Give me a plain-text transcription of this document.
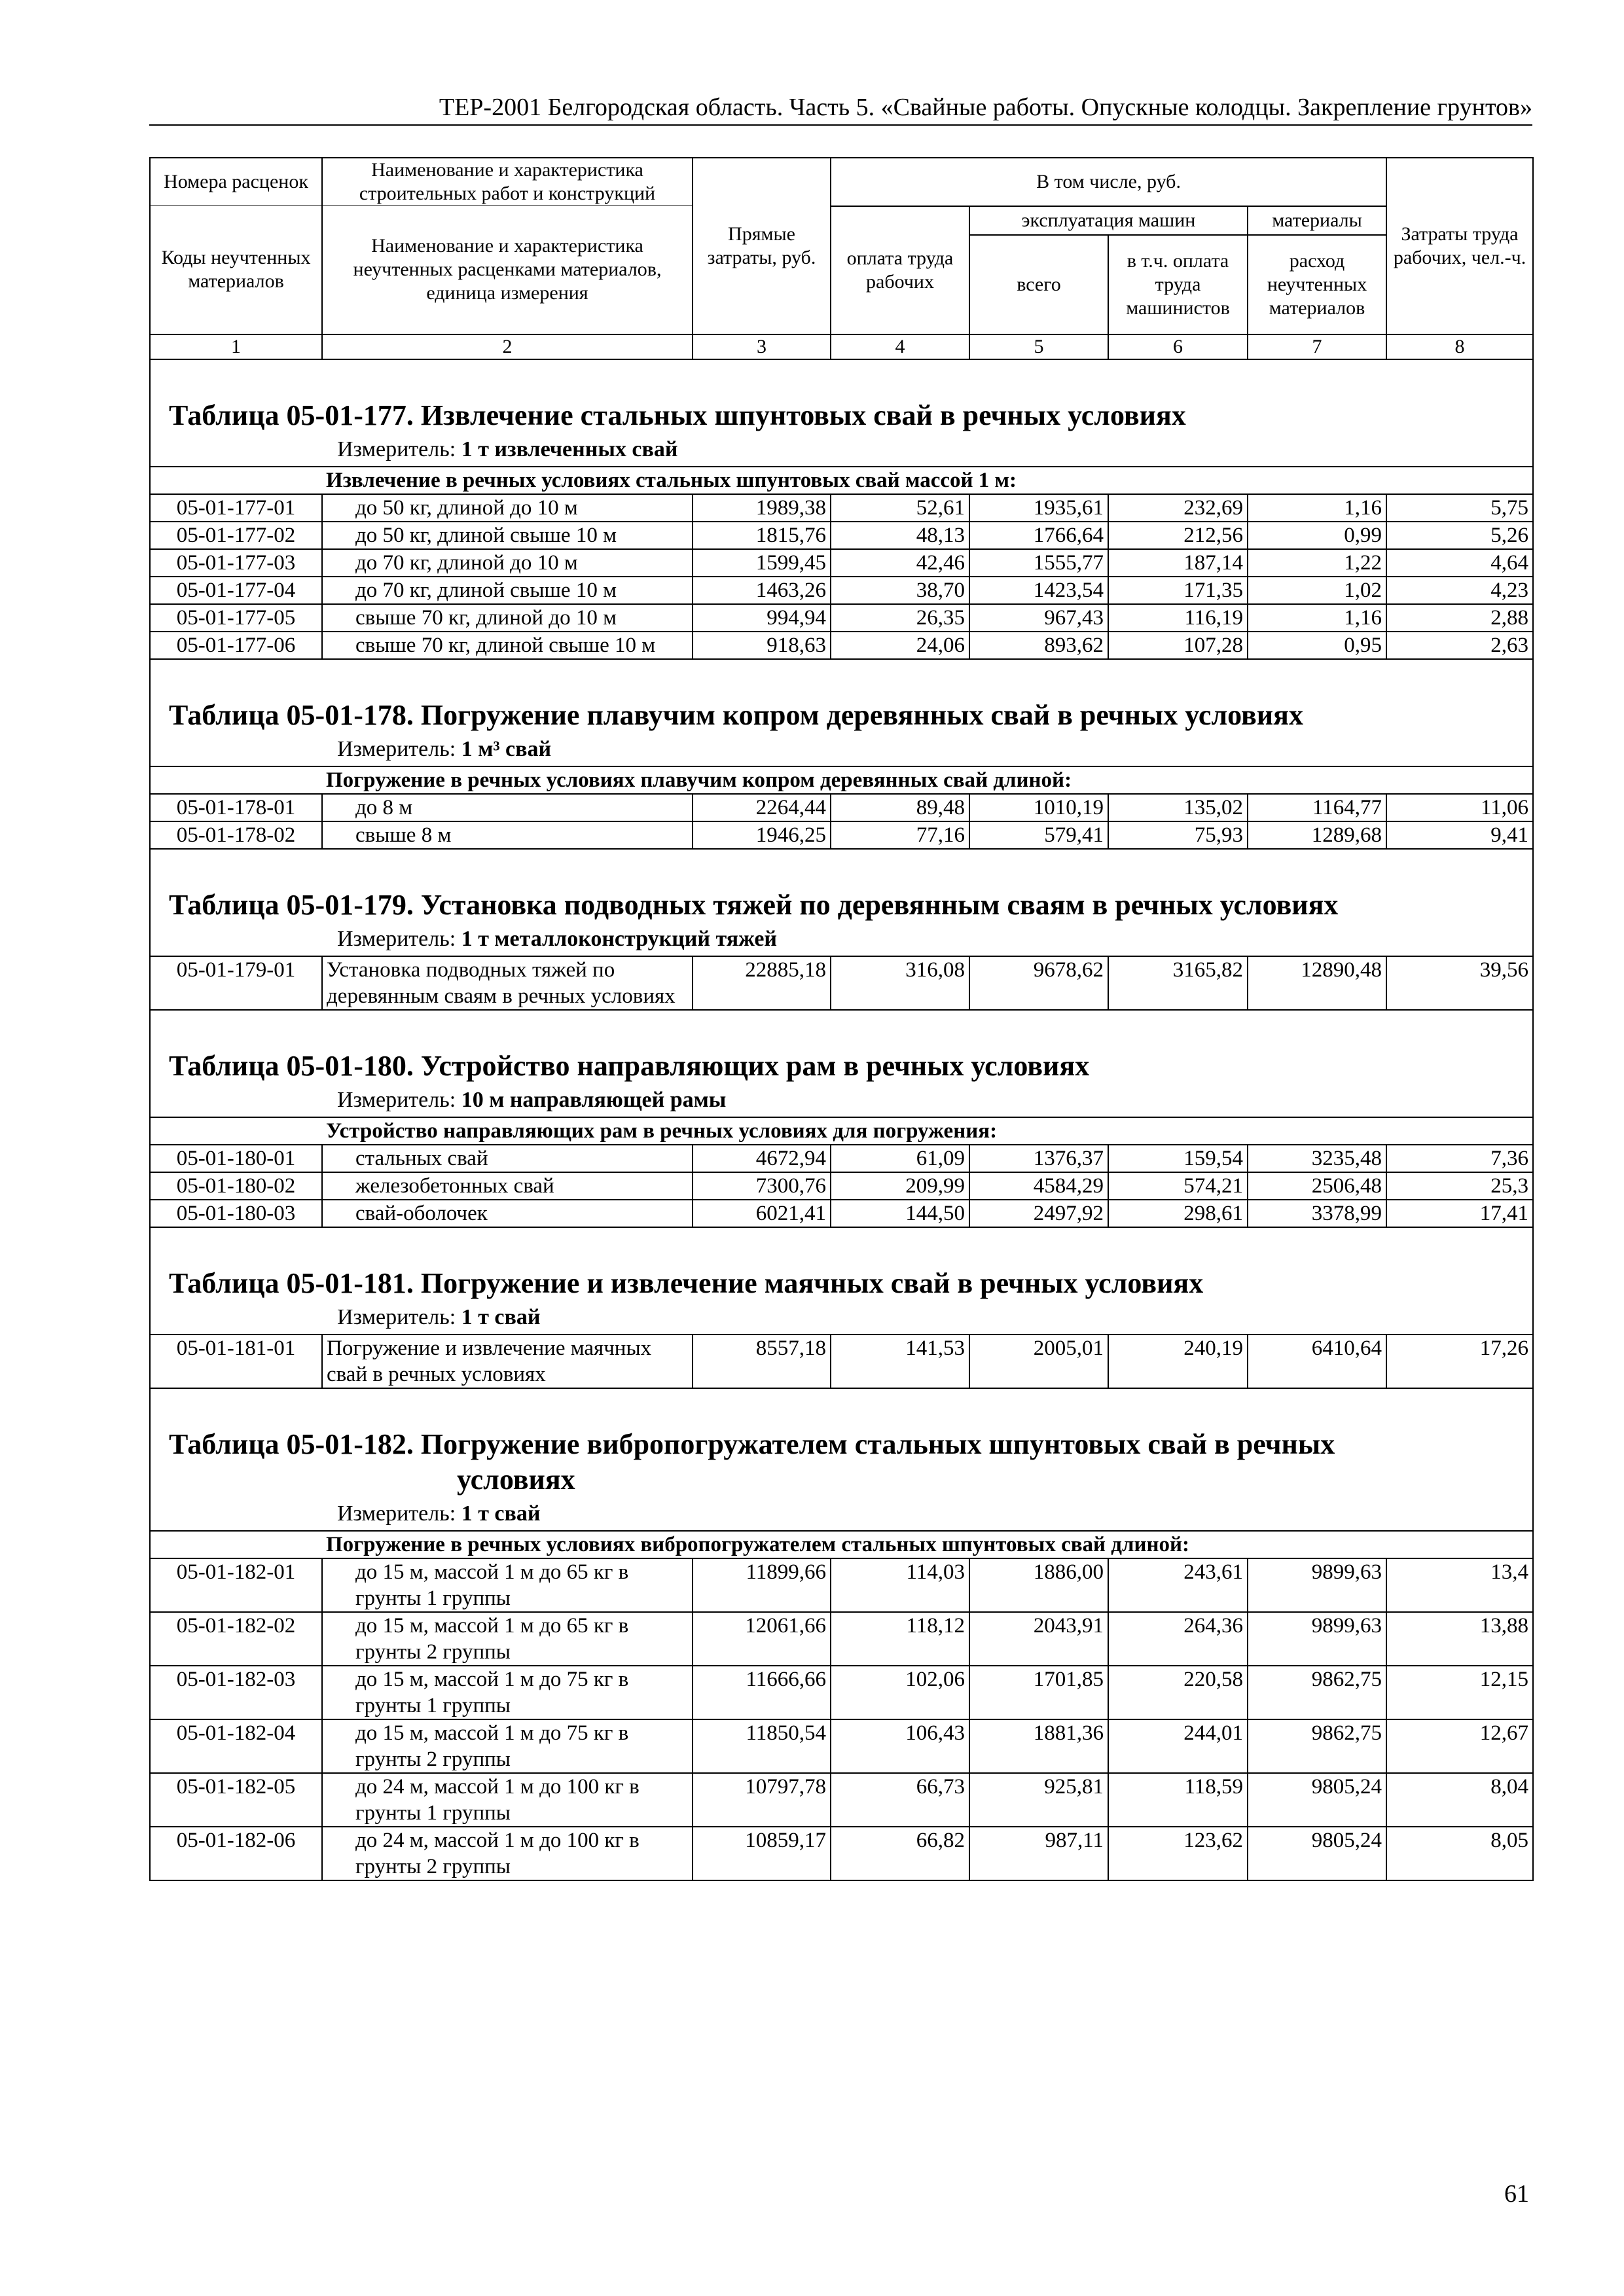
ТЕР-2001 Белгородская область. Часть 5. «Свайные работы. Опускные колодцы. Закрепление грунтов»
Номера расценок	Наименование и характеристика строительных работ и конструкций	Прямые затраты, руб.	В том числе, руб.				Затраты труда рабочих, чел.-ч.
Коды неучтенных материалов	Наименование и характеристика неучтенных расценками материалов, единица измерения		оплата труда рабочих	эксплуатация машин		материалы	
				всего	в т.ч. оплата труда машинистов	расход неучтенных материалов	
1	2	3	4	5	6	7	8

Таблица 05-01-177. Извлечение стальных шпунтовых свай в речных условиях
Измеритель: 1 т извлеченных свай							

	Извлечение в речных условиях стальных шпунтовых свай массой 1 м:						
05-01-177-01	до 50 кг, длиной до 10 м	1989,38	52,61	1935,61	232,69	1,16	5,75
05-01-177-02	до 50 кг, длиной свыше 10 м	1815,76	48,13	1766,64	212,56	0,99	5,26
05-01-177-03	до 70 кг, длиной до 10 м	1599,45	42,46	1555,77	187,14	1,22	4,64
05-01-177-04	до 70 кг, длиной свыше 10 м	1463,26	38,70	1423,54	171,35	1,02	4,23
05-01-177-05	свыше 70 кг, длиной до 10 м	994,94	26,35	967,43	116,19	1,16	2,88
05-01-177-06	свыше 70 кг, длиной свыше 10 м	918,63	24,06	893,62	107,28	0,95	2,63

Таблица 05-01-178. Погружение плавучим копром деревянных свай в речных условиях
Измеритель: 1 м³ свай							

	Погружение в речных условиях плавучим копром деревянных свай длиной:						
05-01-178-01	до 8 м	2264,44	89,48	1010,19	135,02	1164,77	11,06
05-01-178-02	свыше 8 м	1946,25	77,16	579,41	75,93	1289,68	9,41

Таблица 05-01-179. Установка подводных тяжей по деревянным сваям в речных условиях
Измеритель: 1 т металлоконструкций тяжей							

05-01-179-01	Установка подводных тяжей по деревянным сваям в речных условиях	22885,18	316,08	9678,62	3165,82	12890,48	39,56

Таблица 05-01-180. Устройство направляющих рам в речных условиях
Измеритель: 10 м направляющей рамы							

	Устройство направляющих рам в речных условиях для погружения:						
05-01-180-01	стальных свай	4672,94	61,09	1376,37	159,54	3235,48	7,36
05-01-180-02	железобетонных свай	7300,76	209,99	4584,29	574,21	2506,48	25,3
05-01-180-03	свай-оболочек	6021,41	144,50	2497,92	298,61	3378,99	17,41

Таблица 05-01-181. Погружение и извлечение маячных свай в речных условиях
Измеритель: 1 т свай							

05-01-181-01	Погружение и извлечение маячных свай в речных условиях	8557,18	141,53	2005,01	240,19	6410,64	17,26

Таблица 05-01-182. Погружение вибропогружателем стальных шпунтовых свай в речных
условиях
Измеритель: 1 т свай							

	Погружение в речных условиях вибропогружателем стальных шпунтовых свай длиной:						
05-01-182-01	до 15 м, массой 1 м до 65 кг в грунты 1 группы	11899,66	114,03	1886,00	243,61	9899,63	13,4
05-01-182-02	до 15 м, массой 1 м до 65 кг в грунты 2 группы	12061,66	118,12	2043,91	264,36	9899,63	13,88
05-01-182-03	до 15 м, массой 1 м до 75 кг в грунты 1 группы	11666,66	102,06	1701,85	220,58	9862,75	12,15
05-01-182-04	до 15 м, массой 1 м до 75 кг в грунты 2 группы	11850,54	106,43	1881,36	244,01	9862,75	12,67
05-01-182-05	до 24 м, массой 1 м до 100 кг в грунты 1 группы	10797,78	66,73	925,81	118,59	9805,24	8,04
05-01-182-06	до 24 м, массой 1 м до 100 кг в грунты 2 группы	10859,17	66,82	987,11	123,62	9805,24	8,05
61
